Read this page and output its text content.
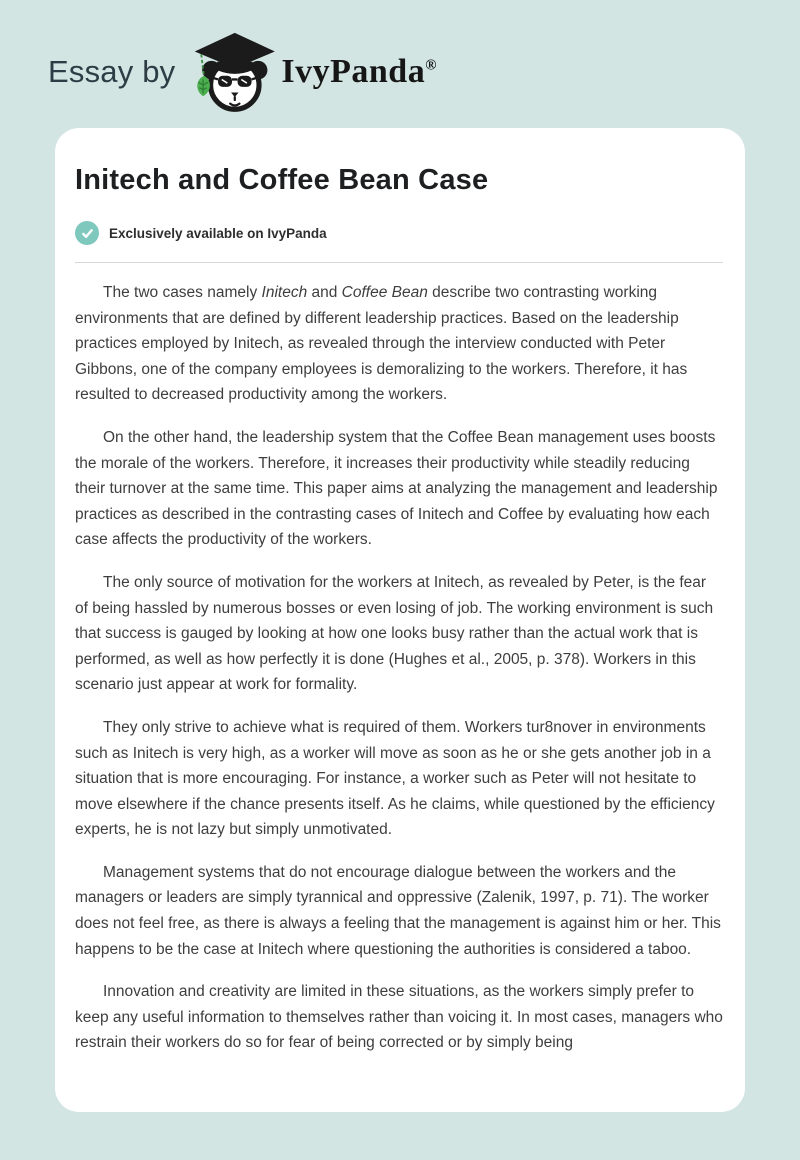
Essay by	IvyPanda®
Initech and Coffee Bean Case
Exclusively available on IvyPanda

The two cases namely Initech and Coffee Bean describe two contrasting working environments that are defined by different leadership practices. Based on the leadership practices employed by Initech, as revealed through the interview conducted with Peter Gibbons, one of the company employees is demoralizing to the workers. Therefore, it has resulted to decreased productivity among the workers.

On the other hand, the leadership system that the Coffee Bean management uses boosts the morale of the workers. Therefore, it increases their productivity while steadily reducing their turnover at the same time. This paper aims at analyzing the management and leadership practices as described in the contrasting cases of Initech and Coffee by evaluating how each case affects the productivity of the workers.

The only source of motivation for the workers at Initech, as revealed by Peter, is the fear of being hassled by numerous bosses or even losing of job. The working environment is such that success is gauged by looking at how one looks busy rather than the actual work that is performed, as well as how perfectly it is done (Hughes et al., 2005, p. 378). Workers in this scenario just appear at work for formality.

They only strive to achieve what is required of them. Workers tur8nover in environments such as Initech is very high, as a worker will move as soon as he or she gets another job in a situation that is more encouraging. For instance, a worker such as Peter will not hesitate to move elsewhere if the chance presents itself. As he claims, while questioned by the efficiency experts, he is not lazy but simply unmotivated.

Management systems that do not encourage dialogue between the workers and the managers or leaders are simply tyrannical and oppressive (Zalenik, 1997, p. 71). The worker does not feel free, as there is always a feeling that the management is against him or her. This happens to be the case at Initech where questioning the authorities is considered a taboo.

Innovation and creativity are limited in these situations, as the workers simply prefer to keep any useful information to themselves rather than voicing it. In most cases, managers who restrain their workers do so for fear of being corrected or by simply being
